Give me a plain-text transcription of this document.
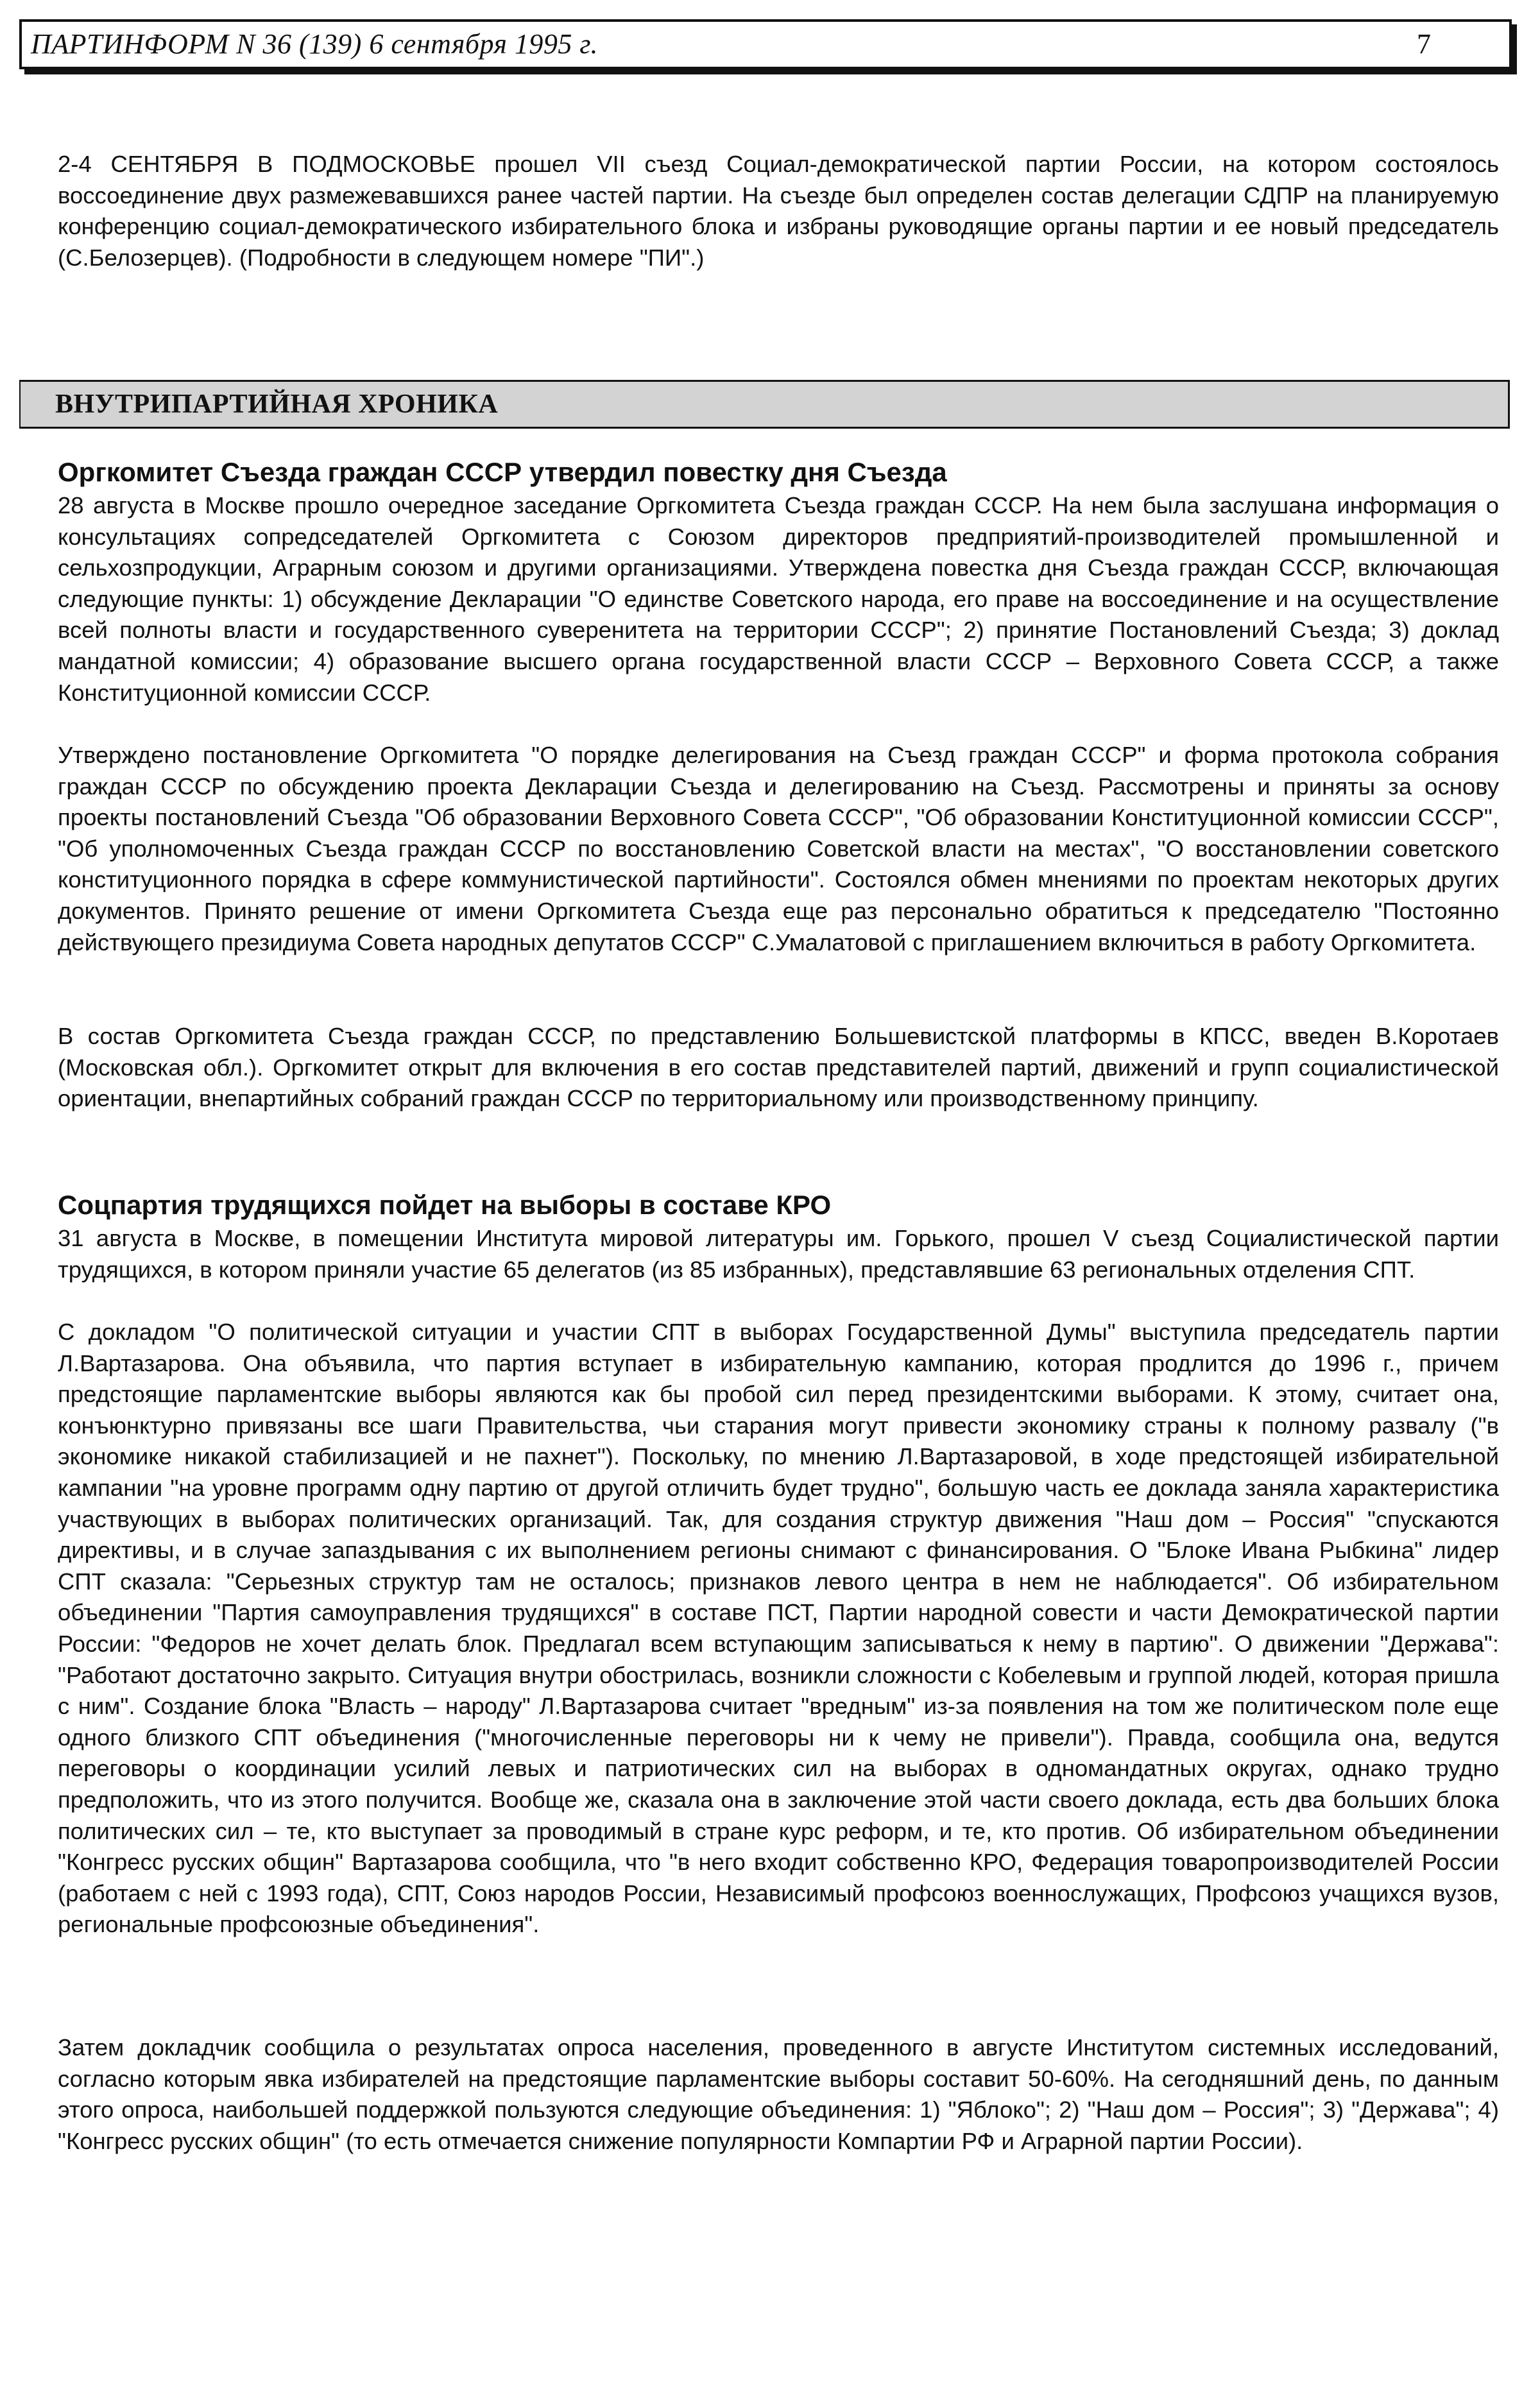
ПАРТИНФОРМ N 36 (139) 6 сентября 1995 г.	7

2-4 СЕНТЯБРЯ В ПОДМОСКОВЬЕ прошел VII съезд Социал-демократической партии России, на котором состоялось воссоединение двух размежевавшихся ранее частей партии. На съезде был определен состав делегации СДПР на планируемую конференцию социал-демократического избирательного блока и избраны руководящие органы партии и ее новый председатель (С.Белозерцев). (Подробности в следующем номере "ПИ".)

ВНУТРИПАРТИЙНАЯ ХРОНИКА
Оргкомитет Съезда граждан СССР утвердил повестку дня Съезда

28 августа в Москве прошло очередное заседание Оргкомитета Съезда граждан СССР. На нем была заслушана информация о консультациях сопредседателей Оргкомитета с Союзом директоров предприятий-производителей промышленной и сельхозпродукции, Аграрным союзом и другими организациями. Утверждена повестка дня Съезда граждан СССР, включающая следующие пункты: 1) обсуждение Декларации "О единстве Советского народа, его праве на воссоединение и на осуществление всей полноты власти и государственного суверенитета на территории СССР"; 2) принятие Постановлений Съезда; 3) доклад мандатной комиссии; 4) образование высшего органа государственной власти СССР – Верховного Совета СССР, а также Конституционной комиссии СССР.

Утверждено постановление Оргкомитета "О порядке делегирования на Съезд граждан СССР" и форма протокола собрания граждан СССР по обсуждению проекта Декларации Съезда и делегированию на Съезд. Рассмотрены и приняты за основу проекты постановлений Съезда "Об образовании Верховного Совета СССР", "Об образовании Конституционной комиссии СССР", "Об уполномоченных Съезда граждан СССР по восстановлению Советской власти на местах", "О восстановлении советского конституционного порядка в сфере коммунистической партийности". Состоялся обмен мнениями по проектам некоторых других документов. Принято решение от имени Оргкомитета Съезда еще раз персонально обратиться к председателю "Постоянно действующего президиума Совета народных депутатов СССР" С.Умалатовой с приглашением включиться в работу Оргкомитета.

В состав Оргкомитета Съезда граждан СССР, по представлению Большевистской платформы в КПСС, введен В.Коротаев (Московская обл.). Оргкомитет открыт для включения в его состав представителей партий, движений и групп социалистической ориентации, внепартийных собраний граждан СССР по территориальному или производственному принципу.

Соцпартия трудящихся пойдет на выборы в составе КРО

31 августа в Москве, в помещении Института мировой литературы им. Горького, прошел V съезд Социалистической партии трудящихся, в котором приняли участие 65 делегатов (из 85 избранных), представлявшие 63 региональных отделения СПТ.

С докладом "О политической ситуации и участии СПТ в выборах Государственной Думы" выступила председатель партии Л.Вартазарова. Она объявила, что партия вступает в избирательную кампанию, которая продлится до 1996 г., причем предстоящие парламентские выборы являются как бы пробой сил перед президентскими выборами. К этому, считает она, конъюнктурно привязаны все шаги Правительства, чьи старания могут привести экономику страны к полному развалу ("в экономике никакой стабилизацией и не пахнет"). Поскольку, по мнению Л.Вартазаровой, в ходе предстоящей избирательной кампании "на уровне программ одну партию от другой отличить будет трудно", большую часть ее доклада заняла характеристика участвующих в выборах политических организаций. Так, для создания структур движения "Наш дом – Россия" "спускаются директивы, и в случае запаздывания с их выполнением регионы снимают с финансирования. О "Блоке Ивана Рыбкина" лидер СПТ сказала: "Серьезных структур там не осталось; признаков левого центра в нем не наблюдается". Об избирательном объединении "Партия самоуправления трудящихся" в составе ПСТ, Партии народной совести и части Демократической партии России: "Федоров не хочет делать блок. Предлагал всем вступающим записываться к нему в партию". О движении "Держава": "Работают достаточно закрыто. Ситуация внутри обострилась, возникли сложности с Кобелевым и группой людей, которая пришла с ним". Создание блока "Власть – народу" Л.Вартазарова считает "вредным" из-за появления на том же политическом поле еще одного близкого СПТ объединения ("многочисленные переговоры ни к чему не привели"). Правда, сообщила она, ведутся переговоры о координации усилий левых и патриотических сил на выборах в одномандатных округах, однако трудно предположить, что из этого получится. Вообще же, сказала она в заключение этой части своего доклада, есть два больших блока политических сил – те, кто выступает за проводимый в стране курс реформ, и те, кто против. Об избирательном объединении "Конгресс русских общин" Вартазарова сообщила, что "в него входит собственно КРО, Федерация товаропроизводителей России (работаем с ней с 1993 года), СПТ, Союз народов России, Независимый профсоюз военнослужащих, Профсоюз учащихся вузов, региональные профсоюзные объединения".

Затем докладчик сообщила о результатах опроса населения, проведенного в августе Институтом системных исследований, согласно которым явка избирателей на предстоящие парламентские выборы составит 50-60%. На сегодняшний день, по данным этого опроса, наибольшей поддержкой пользуются следующие объединения: 1) "Яблоко"; 2) "Наш дом – Россия"; 3) "Держава"; 4) "Конгресс русских общин" (то есть отмечается снижение популярности Компартии РФ и Аграрной партии России).
